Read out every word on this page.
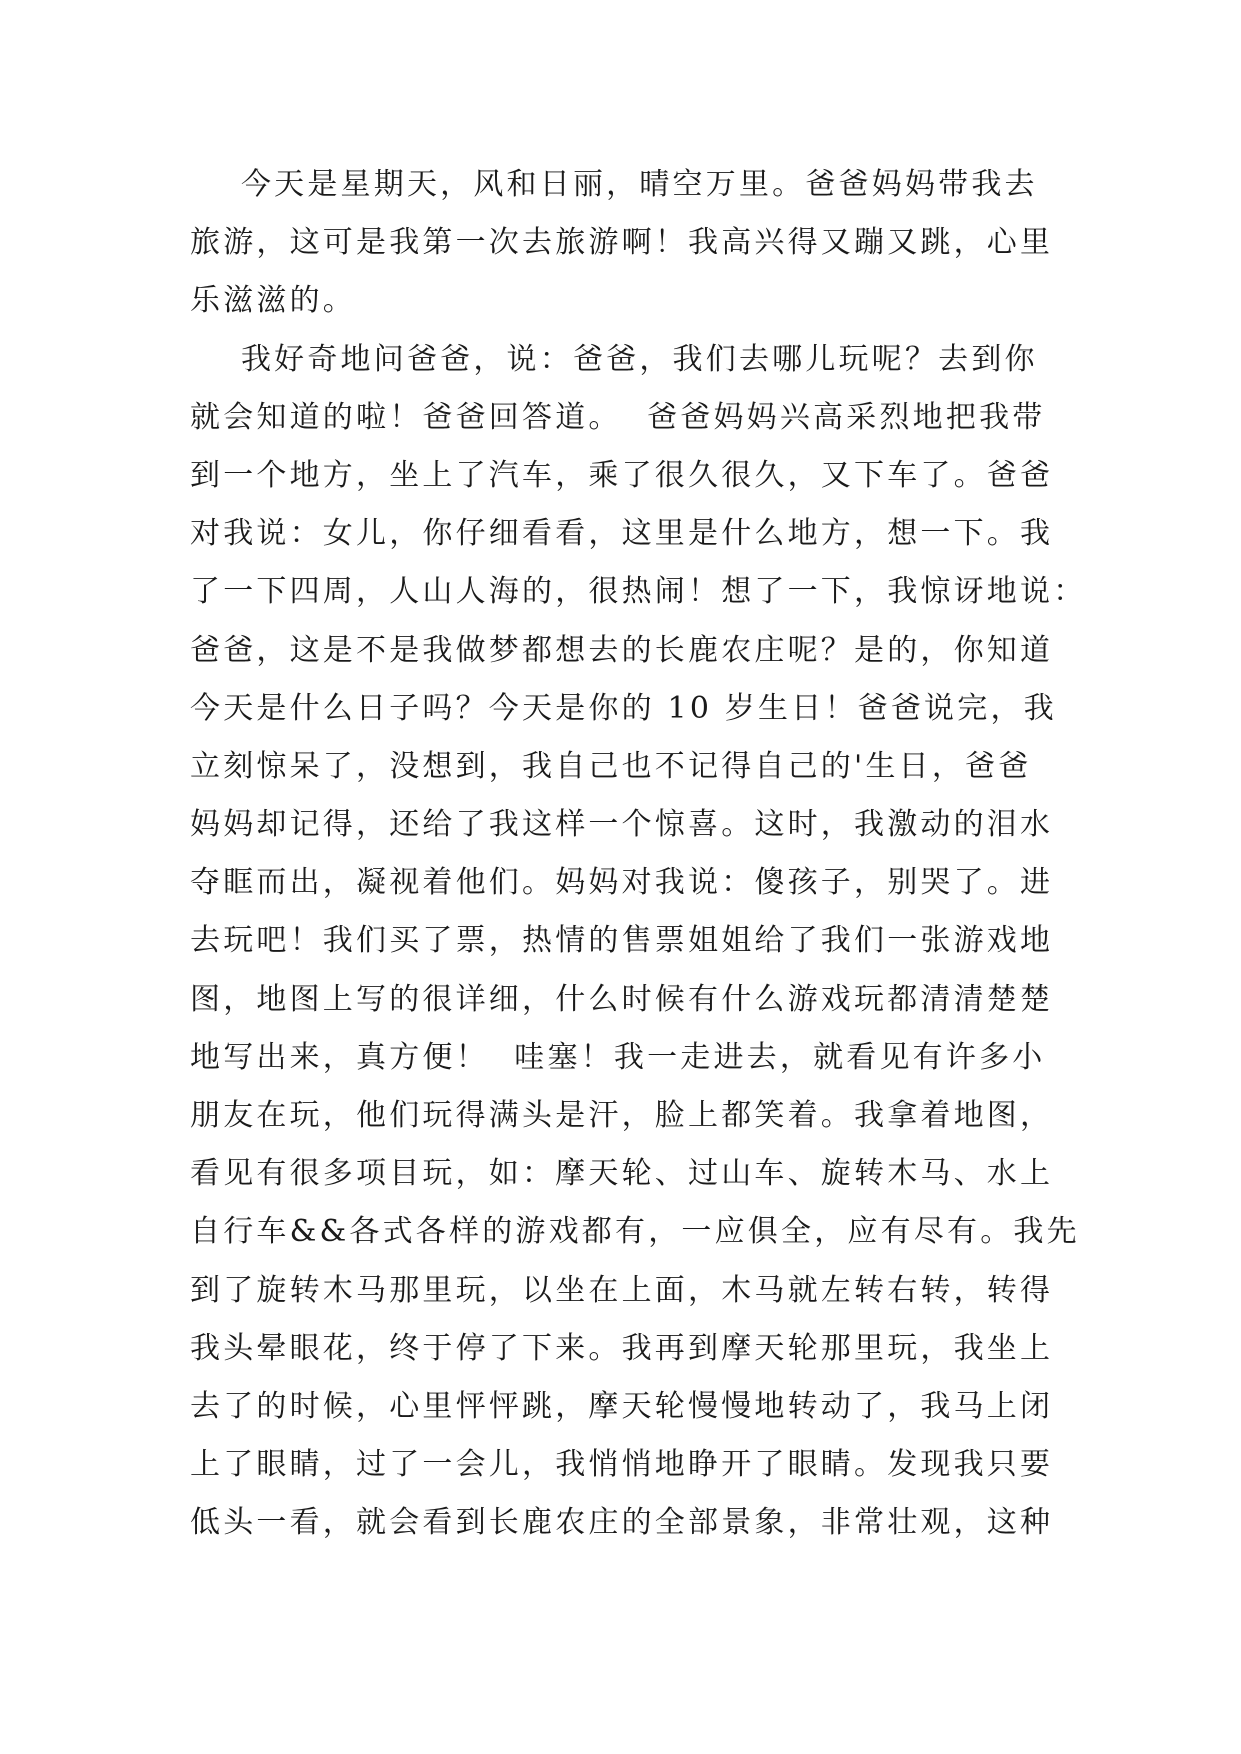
今天是星期天，风和日丽，晴空万里。爸爸妈妈带我去
旅游，这可是我第一次去旅游啊！我高兴得又蹦又跳，心里
乐滋滋的。
我好奇地问爸爸，说：爸爸，我们去哪儿玩呢？去到你
就会知道的啦！爸爸回答道。  爸爸妈妈兴高采烈地把我带
到一个地方，坐上了汽车，乘了很久很久，又下车了。爸爸
对我说：女儿，你仔细看看，这里是什么地方，想一下。我
了一下四周，人山人海的，很热闹！想了一下，我惊讶地说：
爸爸，这是不是我做梦都想去的长鹿农庄呢？是的，你知道
今天是什么日子吗？今天是你的 10 岁生日！爸爸说完，我
立刻惊呆了，没想到，我自己也不记得自己的'生日，爸爸
妈妈却记得，还给了我这样一个惊喜。这时，我激动的泪水
夺眶而出，凝视着他们。妈妈对我说：傻孩子，别哭了。进
去玩吧！我们买了票，热情的售票姐姐给了我们一张游戏地
图，地图上写的很详细，什么时候有什么游戏玩都清清楚楚
地写出来，真方便！  哇塞！我一走进去，就看见有许多小
朋友在玩，他们玩得满头是汗，脸上都笑着。我拿着地图，
看见有很多项目玩，如：摩天轮、过山车、旋转木马、水上
自行车&&各式各样的游戏都有，一应俱全，应有尽有。我先
到了旋转木马那里玩，以坐在上面，木马就左转右转，转得
我头晕眼花，终于停了下来。我再到摩天轮那里玩，我坐上
去了的时候，心里怦怦跳，摩天轮慢慢地转动了，我马上闭
上了眼睛，过了一会儿，我悄悄地睁开了眼睛。发现我只要
低头一看，就会看到长鹿农庄的全部景象，非常壮观，这种
